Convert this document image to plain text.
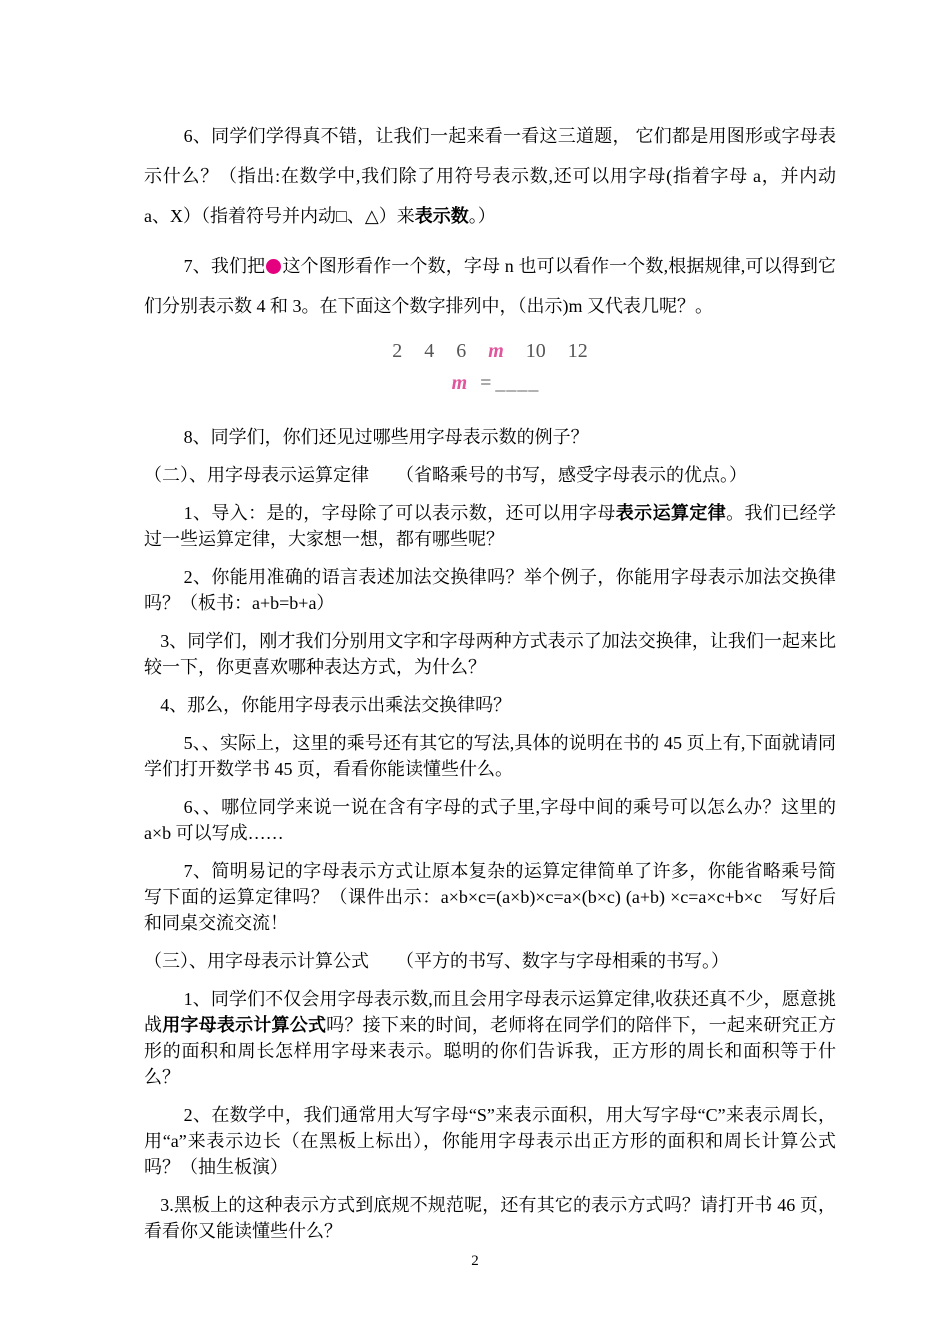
6、同学们学得真不错，让我们一起来看一看这三道题， 它们都是用图形或字母表示什么？（指出:在数学中,我们除了用符号表示数,还可以用字母(指着字母 a，并内动 a、X）（指着符号并内动□、△）来表示数。）

7、我们把 这个图形看作一个数，字母 n 也可以看作一个数,根据规律,可以得到它们分别表示数 4 和 3。在下面这个数字排列中，（出示)m 又代表几呢？。

2 4 6 m 10 12
m = ____

8、同学们，你们还见过哪些用字母表示数的例子？

（二）、用字母表示运算定律　　（省略乘号的书写，感受字母表示的优点。）

1、导入：是的，字母除了可以表示数，还可以用字母表示运算定律。我们已经学过一些运算定律，大家想一想，都有哪些呢？

2、你能用准确的语言表述加法交换律吗？举个例子，你能用字母表示加法交换律吗？（板书：a+b=b+a）

3、同学们，刚才我们分别用文字和字母两种方式表示了加法交换律，让我们一起来比较一下，你更喜欢哪种表达方式，为什么？

4、那么，你能用字母表示出乘法交换律吗？

5、、实际上，这里的乘号还有其它的写法,具体的说明在书的 45 页上有,下面就请同学们打开数学书 45 页，看看你能读懂些什么。

6、、哪位同学来说一说在含有字母的式子里,字母中间的乘号可以怎么办？这里的 a×b 可以写成……

7、简明易记的字母表示方式让原本复杂的运算定律简单了许多，你能省略乘号简写下面的运算定律吗？（课件出示：a×b×c=(a×b)×c=a×(b×c) (a+b) ×c=a×c+b×c　写好后和同桌交流交流！

（三）、用字母表示计算公式　　（平方的书写、数字与字母相乘的书写。）

1、同学们不仅会用字母表示数,而且会用字母表示运算定律,收获还真不少，愿意挑战用字母表示计算公式吗？接下来的时间，老师将在同学们的陪伴下，一起来研究正方形的面积和周长怎样用字母来表示。聪明的你们告诉我，正方形的周长和面积等于什么？

2、在数学中，我们通常用大写字母“S”来表示面积，用大写字母“C”来表示周长，用“a”来表示边长（在黑板上标出），你能用字母表示出正方形的面积和周长计算公式吗？（抽生板演）

3.黑板上的这种表示方式到底规不规范呢，还有其它的表示方式吗？请打开书 46 页，看看你又能读懂些什么？

2
